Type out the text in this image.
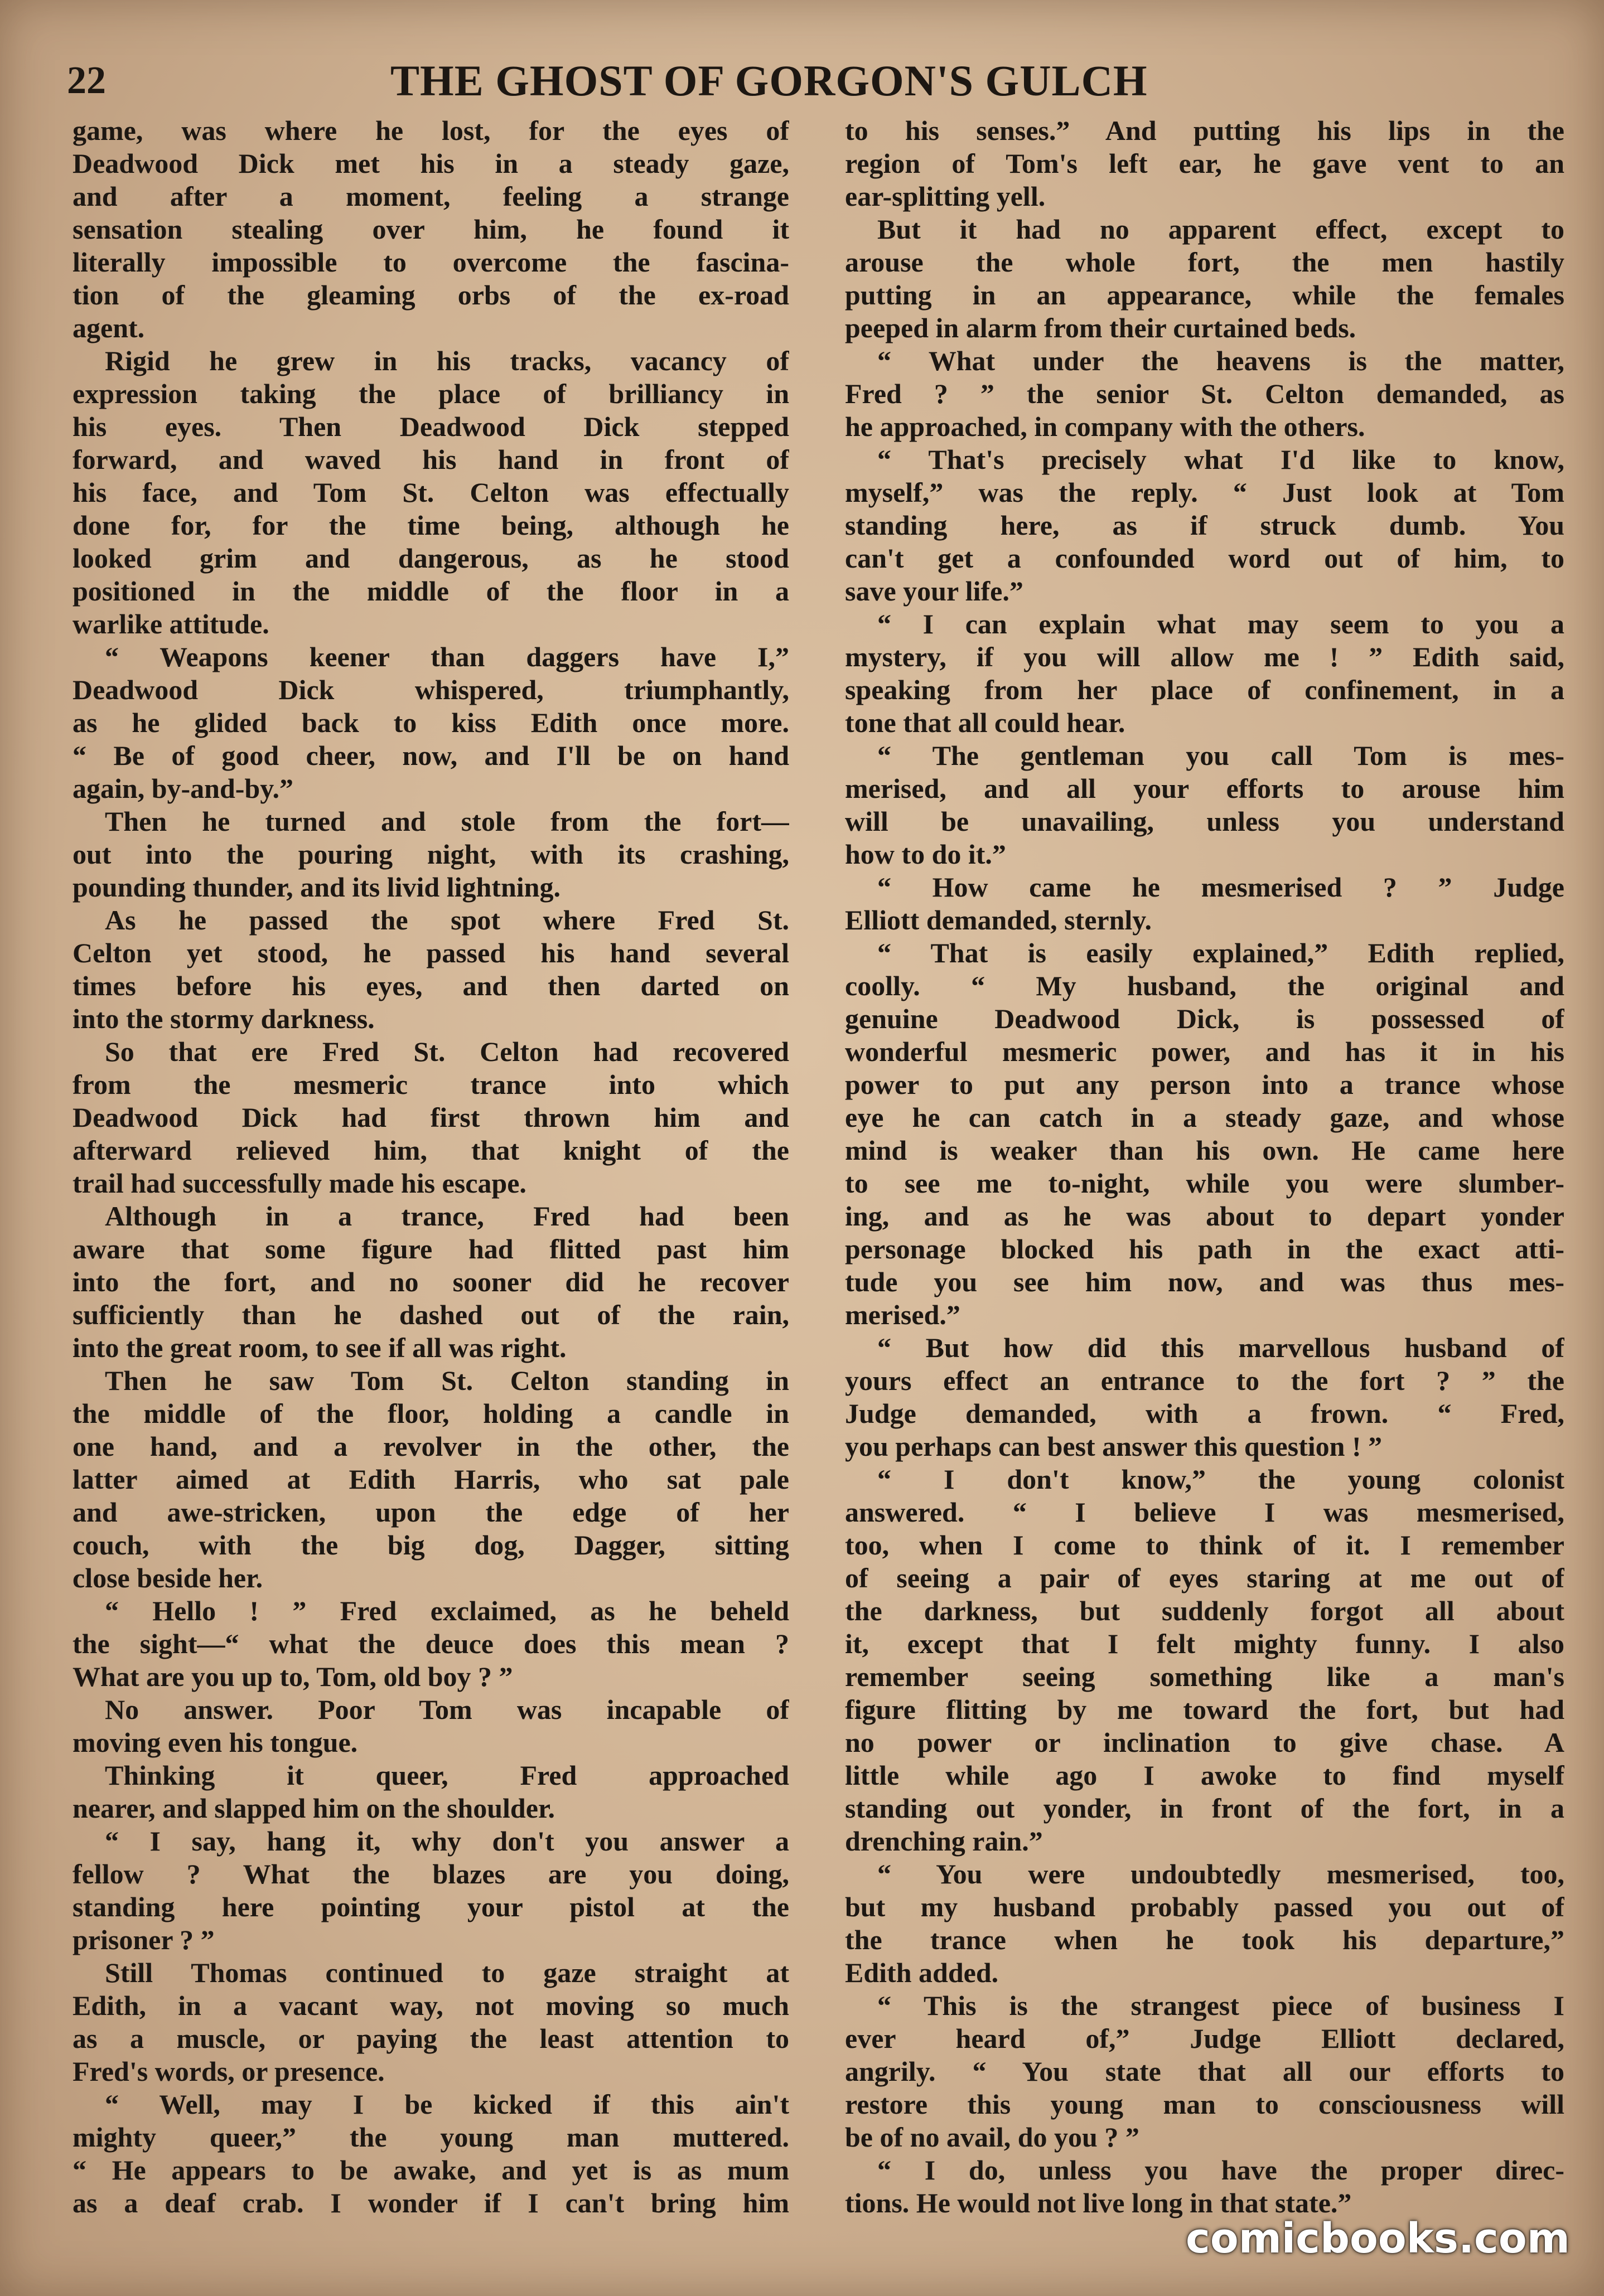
22	THE GHOST OF GORGON'S GULCH
game, was where he lost, for the eyes of
Deadwood Dick met his in a steady gaze,
and after a moment, feeling a strange
sensation stealing over him, he found it
literally impossible to overcome the fascina-
tion of the gleaming orbs of the ex-road
agent.
Rigid he grew in his tracks, vacancy of
expression taking the place of brilliancy in
his eyes. Then Deadwood Dick stepped
forward, and waved his hand in front of
his face, and Tom St. Celton was effectually
done for, for the time being, although he
looked grim and dangerous, as he stood
positioned in the middle of the floor in a
warlike attitude.
“ Weapons keener than daggers have I,”
Deadwood Dick whispered, triumphantly,
as he glided back to kiss Edith once more.
“ Be of good cheer, now, and I'll be on hand
again, by-and-by.”
Then he turned and stole from the fort—
out into the pouring night, with its crashing,
pounding thunder, and its livid lightning.
As he passed the spot where Fred St.
Celton yet stood, he passed his hand several
times before his eyes, and then darted on
into the stormy darkness.
So that ere Fred St. Celton had recovered
from the mesmeric trance into which
Deadwood Dick had first thrown him and
afterward relieved him, that knight of the
trail had successfully made his escape.
Although in a trance, Fred had been
aware that some figure had flitted past him
into the fort, and no sooner did he recover
sufficiently than he dashed out of the rain,
into the great room, to see if all was right.
Then he saw Tom St. Celton standing in
the middle of the floor, holding a candle in
one hand, and a revolver in the other, the
latter aimed at Edith Harris, who sat pale
and awe-stricken, upon the edge of her
couch, with the big dog, Dagger, sitting
close beside her.
“ Hello ! ” Fred exclaimed, as he beheld
the sight—“ what the deuce does this mean ?
What are you up to, Tom, old boy ? ”
No answer. Poor Tom was incapable of
moving even his tongue.
Thinking it queer, Fred approached
nearer, and slapped him on the shoulder.
“ I say, hang it, why don't you answer a
fellow ? What the blazes are you doing,
standing here pointing your pistol at the
prisoner ? ”
Still Thomas continued to gaze straight at
Edith, in a vacant way, not moving so much
as a muscle, or paying the least attention to
Fred's words, or presence.
“ Well, may I be kicked if this ain't
mighty queer,” the young man muttered.
“ He appears to be awake, and yet is as mum
as a deaf crab. I wonder if I can't bring him
to his senses.” And putting his lips in the
region of Tom's left ear, he gave vent to an
ear-splitting yell.
But it had no apparent effect, except to
arouse the whole fort, the men hastily
putting in an appearance, while the females
peeped in alarm from their curtained beds.
“ What under the heavens is the matter,
Fred ? ” the senior St. Celton demanded, as
he approached, in company with the others.
“ That's precisely what I'd like to know,
myself,” was the reply. “ Just look at Tom
standing here, as if struck dumb. You
can't get a confounded word out of him, to
save your life.”
“ I can explain what may seem to you a
mystery, if you will allow me ! ” Edith said,
speaking from her place of confinement, in a
tone that all could hear.
“ The gentleman you call Tom is mes-
merised, and all your efforts to arouse him
will be unavailing, unless you understand
how to do it.”
“ How came he mesmerised ? ” Judge
Elliott demanded, sternly.
“ That is easily explained,” Edith replied,
coolly. “ My husband, the original and
genuine Deadwood Dick, is possessed of
wonderful mesmeric power, and has it in his
power to put any person into a trance whose
eye he can catch in a steady gaze, and whose
mind is weaker than his own. He came here
to see me to-night, while you were slumber-
ing, and as he was about to depart yonder
personage blocked his path in the exact atti-
tude you see him now, and was thus mes-
merised.”
“ But how did this marvellous husband of
yours effect an entrance to the fort ? ” the
Judge demanded, with a frown. “ Fred,
you perhaps can best answer this question ! ”
“ I don't know,” the young colonist
answered. “ I believe I was mesmerised,
too, when I come to think of it. I remember
of seeing a pair of eyes staring at me out of
the darkness, but suddenly forgot all about
it, except that I felt mighty funny. I also
remember seeing something like a man's
figure flitting by me toward the fort, but had
no power or inclination to give chase. A
little while ago I awoke to find myself
standing out yonder, in front of the fort, in a
drenching rain.”
“ You were undoubtedly mesmerised, too,
but my husband probably passed you out of
the trance when he took his departure,”
Edith added.
“ This is the strangest piece of business I
ever heard of,” Judge Elliott declared,
angrily. “ You state that all our efforts to
restore this young man to consciousness will
be of no avail, do you ? ”
“ I do, unless you have the proper direc-
tions. He would not live long in that state.”
comicbooks.com
